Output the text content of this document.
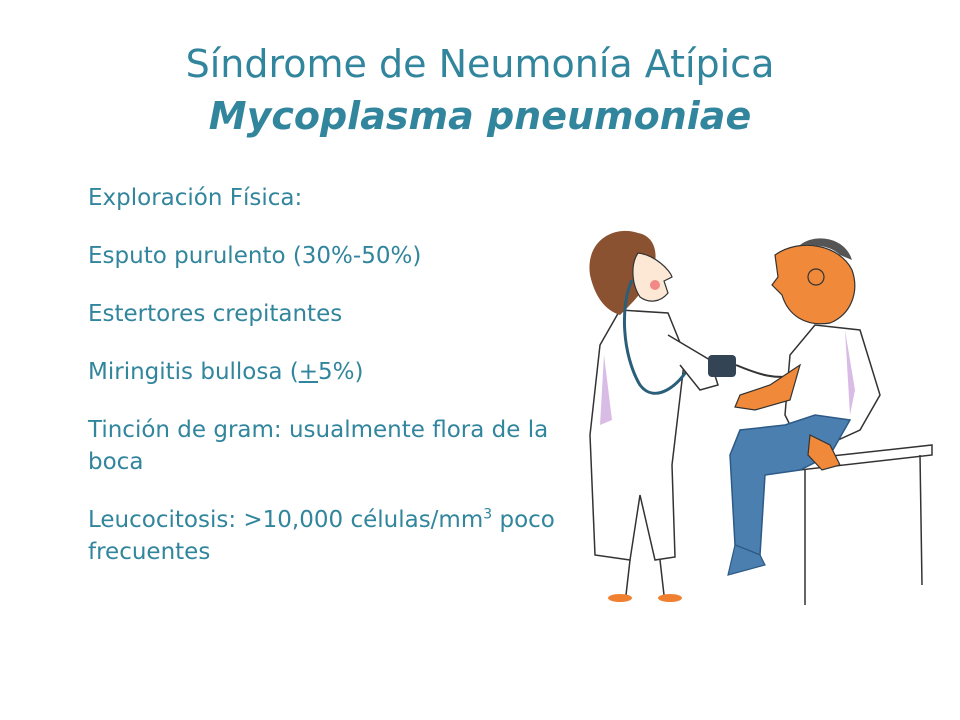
Síndrome de Neumonía Atípica
Mycoplasma pneumoniae
Exploración Física:
Esputo purulento (30%-50%)
Estertores crepitantes
Miringitis bullosa (+5%)
Tinción de gram: usualmente flora de la boca
Leucocitosis: >10,000 células/$mm^3$ poco frecuentes
